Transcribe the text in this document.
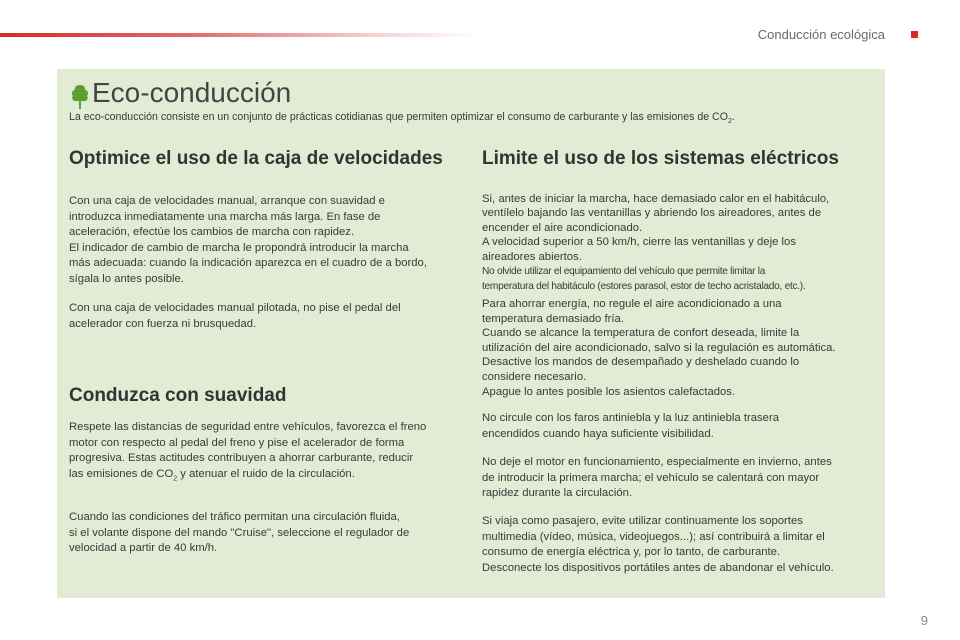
Conducción ecológica
Eco-conducción
La eco-conducción consiste en un conjunto de prácticas cotidianas que permiten optimizar el consumo de carburante y las emisiones de $CO_2$.
Optimice el uso de la caja de velocidades

Con una caja de velocidades manual, arranque con suavidad e
introduzca inmediatamente una marcha más larga. En fase de
aceleración, efectúe los cambios de marcha con rapidez.
El indicador de cambio de marcha le propondrá introducir la marcha
más adecuada: cuando la indicación aparezca en el cuadro de a bordo,
sígala lo antes posible.

Con una caja de velocidades manual pilotada, no pise el pedal del
acelerador con fuerza ni brusquedad.

Conduzca con suavidad

Respete las distancias de seguridad entre vehículos, favorezca el freno
motor con respecto al pedal del freno y pise el acelerador de forma
progresiva. Estas actitudes contribuyen a ahorrar carburante, reducir
las emisiones de $CO_2$ y atenuar el ruido de la circulación.

Cuando las condiciones del tráfico permitan una circulación fluida,
si el volante dispone del mando "Cruise", seleccione el regulador de
velocidad a partir de 40 km/h.

Limite el uso de los sistemas eléctricos

Si, antes de iniciar la marcha, hace demasiado calor en el habitáculo,
ventílelo bajando las ventanillas y abriendo los aireadores, antes de
encender el aire acondicionado.
A velocidad superior a 50 km/h, cierre las ventanillas y deje los
aireadores abiertos.
No olvide utilizar el equipamiento del vehículo que permite limitar la
temperatura del habitáculo (estores parasol, estor de techo acristalado, etc.).

Para ahorrar energía, no regule el aire acondicionado a una
temperatura demasiado fría.
Cuando se alcance la temperatura de confort deseada, limite la
utilización del aire acondicionado, salvo si la regulación es automática.
Desactive los mandos de desempañado y deshelado cuando lo
considere necesario.
Apague lo antes posible los asientos calefactados.

No circule con los faros antiniebla y la luz antiniebla trasera
encendidos cuando haya suficiente visibilidad.

No deje el motor en funcionamiento, especialmente en invierno, antes
de introducir la primera marcha; el vehículo se calentará con mayor
rapidez durante la circulación.

Si viaja como pasajero, evite utilizar continuamente los soportes
multimedia (vídeo, música, videojuegos...); así contribuirá a limitar el
consumo de energía eléctrica y, por lo tanto, de carburante.
Desconecte los dispositivos portátiles antes de abandonar el vehículo.

9
